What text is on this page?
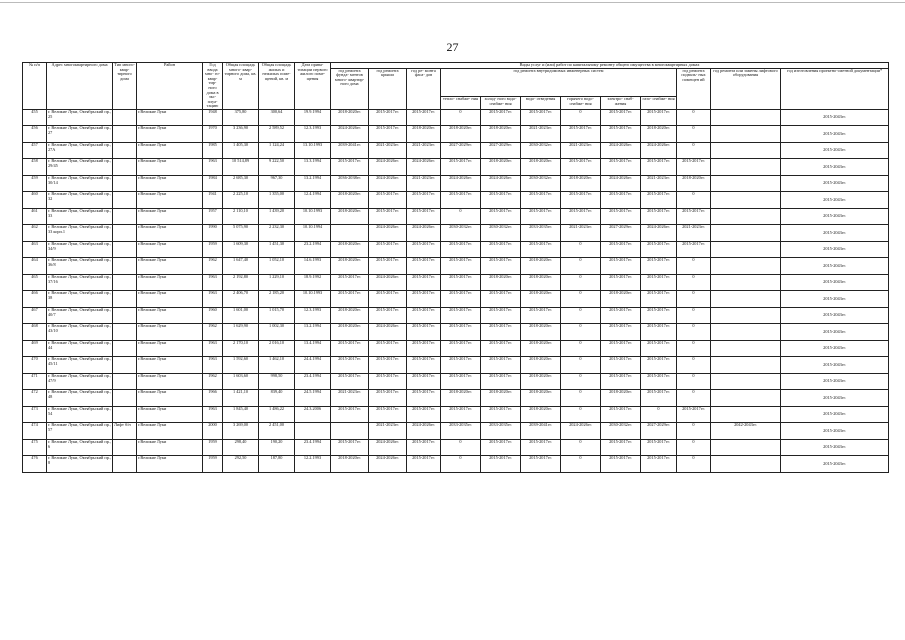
27
№ п/п	Адрес многоквартирного дома	Тип много- квар- тирного дома	Район	Год ввода мно- го- квар- тир- ного дома в экс- плуа- тацию	Общая площадь много- квар- тирного дома, кв. м	Общая площадь жилых и нежилых поме- щений, кв. м	Дата прива- тизации первого жилого поме- щения	Виды услуг и (или) работ по капитальному ремонту общего имущества в многоквартирных домах											
								год ремонта фунда- ментов много- квартир- ного дома	год ремонта крыши	год ре- монта фаса- дов	год ремонта внутридомовых инженерных систем						год ремонта подваль- ных помещен ий	год ремонта или замены лифтового оборудования	год изготовления проектно-сметной документации*
											тепло- снабже- ния	холод- ного водо- снабже- ния	водо- отведения	горячего водо- снабже- ния	электро- снаб- жения	газо- снабже- ния			
455	г. Великие Луки, Октябрьский пр., 25		г.Великие Луки	1948	375,80	300,64	19.9.1994	2018-2020гг.	2015-2017гг.	2015-2017гг.	0	2015-2017гг.	2015-2017гг.	0	2015-2017гг.	2015-2017гг.	0		2015-2043гг.
456	г. Великие Луки, Октябрьский пр., 27		г.Великие Луки	1970	3 236,90	2 589,52	12.3.1993	2024-2026гг.	2015-2017гг.	2018-2020гг.	2018-2020гг.	2018-2020гг.	2021-2023гг.	2015-2017гг.	2015-2017гг.	2018-2020гг.	0		2015-2043гг.
457	г. Великие Луки, Октябрьский пр., 27А		г.Великие Луки	1985	1 405,30	1 124,24	13.10.1993	2039-2041гг.	2021-2023гг.	2021-2023гг.	2027-2029гг.	2027-2029гг.	2030-2032гг.	2021-2023гг.	2024-2026гг.	2024-2026гг.	0		2015-2043гг.
458	г. Великие Луки, Октябрьский пр., 29/45		г.Великие Луки	1963	10 514,89	9 222,50	13.3.1994	2015-2017гг.	2024-2026гг.	2024-2026гг.	2015-2017гг.	2018-2020гг.	2018-2020гг.	2015-2017гг.	2015-2017гг.	2015-2017гг.	2015-2017гг.		2015-2043гг.
459	г. Великие Луки, Октябрьский пр., 30/14		г.Великие Луки	1984	2 685,30	967,30	13.2.1994	2036-2038гг.	2024-2026гг.	2021-2023гг.	2024-2026гг.	2024-2026гг.	2030-2032гг.	2018-2020гг.	2024-2026гг.	2021-2023гг.	2018-2020гг.		2015-2043гг.
460	г. Великие Луки, Октябрьский пр., 32		г.Великие Луки	1941	2 225,10	1 355,00	12.4.1994	2018-2020гг.	2015-2017гг.	2015-2017гг.	2015-2017гг.	2015-2017гг.	2015-2017гг.	2015-2017гг.	2015-2017гг.	2015-2017гг.	0		2015-2043гг.
461	г. Великие Луки, Октябрьский пр., 33		г.Великие Луки	1957	2 110,10	1 439,20	10.10.1993	2018-2020гг.	2015-2017гг.	2015-2017гг.	0	2015-2017гг.	2015-2017гг.	2015-2017гг.	2015-2017гг.	2015-2017гг.	2015-2017гг.		2015-2043гг.
462	г. Великие Луки, Октябрьский пр., 33 корп.1		г.Великие Луки	1990	5 075,90	2 232,30	10.10.1994		2024-2026гг.	2024-2026гг.	2030-2032гг.	2030-2032гг.	2033-2035гг.	2021-2023гг.	2027-2029гг.	2024-2026гг.	2021-2023гг.		2015-2043гг.
463	г. Великие Луки, Октябрьский пр., 34/9		г.Великие Луки	1959	1 609,30	1 451,30	23.2.1994	2018-2020гг.	2015-2017гг.	2015-2017гг.	2015-2017гг.	2015-2017гг.	2015-2017гг.	0	2015-2017гг.	2015-2017гг.	2015-2017гг.		2015-2043гг.
464	г. Великие Луки, Октябрьский пр., 36/8		г.Великие Луки	1962	1 647,40	1 052,10	14.6.1993	2018-2020гг.	2015-2017гг.	2015-2017гг.	2015-2017гг.	2015-2017гг.	2018-2020гг.	0	2015-2017гг.	2015-2017гг.	0		2015-2043гг.
465	г. Великие Луки, Октябрьский пр., 37/16		г.Великие Луки	1963	2 192,80	1 229,10	18.9.1992	2015-2017гг.	2024-2026гг.	2015-2017гг.	2015-2017гг.	2018-2020гг.	2018-2020гг.	0	2015-2017гг.	2015-2017гг.	0		2015-2043гг.
466	г. Великие Луки, Октябрьский пр., 38		г.Великие Луки	1963	2 406,70	2 185,20	10.10.1993	2015-2017гг.	2015-2017гг.	2015-2017гг.	2015-2017гг.	2015-2017гг.	2018-2020гг.	0	2018-2020гг.	2015-2017гг.	0		2015-2043гг.
467	г. Великие Луки, Октябрьский пр., 40/7		г.Великие Луки	1960	1 601,00	1 015,70	12.3.1993	2018-2020гг.	2015-2017гг.	2015-2017гг.	2015-2017гг.	2015-2017гг.	2015-2017гг.	0	2015-2017гг.	2015-2017гг.	0		2015-2043гг.
468	г. Великие Луки, Октябрьский пр., 43/10		г.Великие Луки	1962	1 629,90	1 002,30	13.2.1994	2018-2020гг.	2024-2026гг.	2015-2017гг.	2015-2017гг.	2015-2017гг.	2018-2020гг.	0	2015-2017гг.	2015-2017гг.	0		2015-2043гг.
469	г. Великие Луки, Октябрьский пр., 44		г.Великие Луки	1963	2 170,10	2 016,10	13.4.1994	2015-2017гг.	2015-2017гг.	2015-2017гг.	2015-2017гг.	2015-2017гг.	2018-2020гг.	0	2015-2017гг.	2015-2017гг.	0		2015-2043гг.
470	г. Великие Луки, Октябрьский пр., 45/11		г.Великие Луки	1963	1 592,60	1 462,10	24.4.1994	2015-2017гг.	2015-2017гг.	2015-2017гг.	2015-2017гг.	2015-2017гг.	2018-2020гг.	0	2015-2017гг.	2015-2017гг.	0		2015-2043гг.
471	г. Великие Луки, Октябрьский пр., 47/9		г.Великие Луки	1962	1 603,60	998,50	23.4.1994	2015-2017гг.	2015-2017гг.	2015-2017гг.	2015-2017гг.	2015-2017гг.	2018-2020гг.	0	2015-2017гг.	2015-2017гг.	0		2015-2043гг.
472	г. Великие Луки, Октябрьский пр., 48		г.Великие Луки	1966	1 421,10	839,40	24.5.1994	2021-2023гг.	2015-2017гг.	2015-2017гг.	2018-2020гг.	2018-2020гг.	2018-2020гг.	0	2018-2020гг.	2015-2017гг.	0		2015-2043гг.
473	г. Великие Луки, Октябрьский пр., 54		г.Великие Луки	1963	1 845,40	1 486,22	24.3.2006	2015-2017гг.	2015-2017гг.	2015-2017гг.	2015-2017гг.	2015-2017гг.	2018-2020гг.	0	2015-2017гг.	0	2015-2017гг.		2015-2043гг.
474	г. Великие Луки, Октябрьский пр., 57	Лифт б/н	г.Великие Луки	2000	3 269,00	2 451,00			2021-2023гг.	2024-2026гг.	2033-2035гг.	2033-2035гг.	2039-2041гг.	2024-2026гг.	2030-2032гг.	2027-2029гг.	0	2042-2043гг.	2015-2043гг.
475	г. Великие Луки, Октябрьский пр., 6		г.Великие Луки	1959	298,40	190,20	23.4.1994	2015-2017гг.	2024-2026гг.	2015-2017гг.	0	2015-2017гг.	2015-2017гг.	0	2015-2017гг.	2015-2017гг.	0		2015-2043гг.
476	г. Великие Луки, Октябрьский пр., 8		г.Великие Луки	1959	292,50	187,80	12.2.1993	2018-2020гг.	2024-2026гг.	2015-2017гг.	0	2015-2017гг.	2015-2017гг.	0	2015-2017гг.	2015-2017гг.	0		2015-2043гг.
